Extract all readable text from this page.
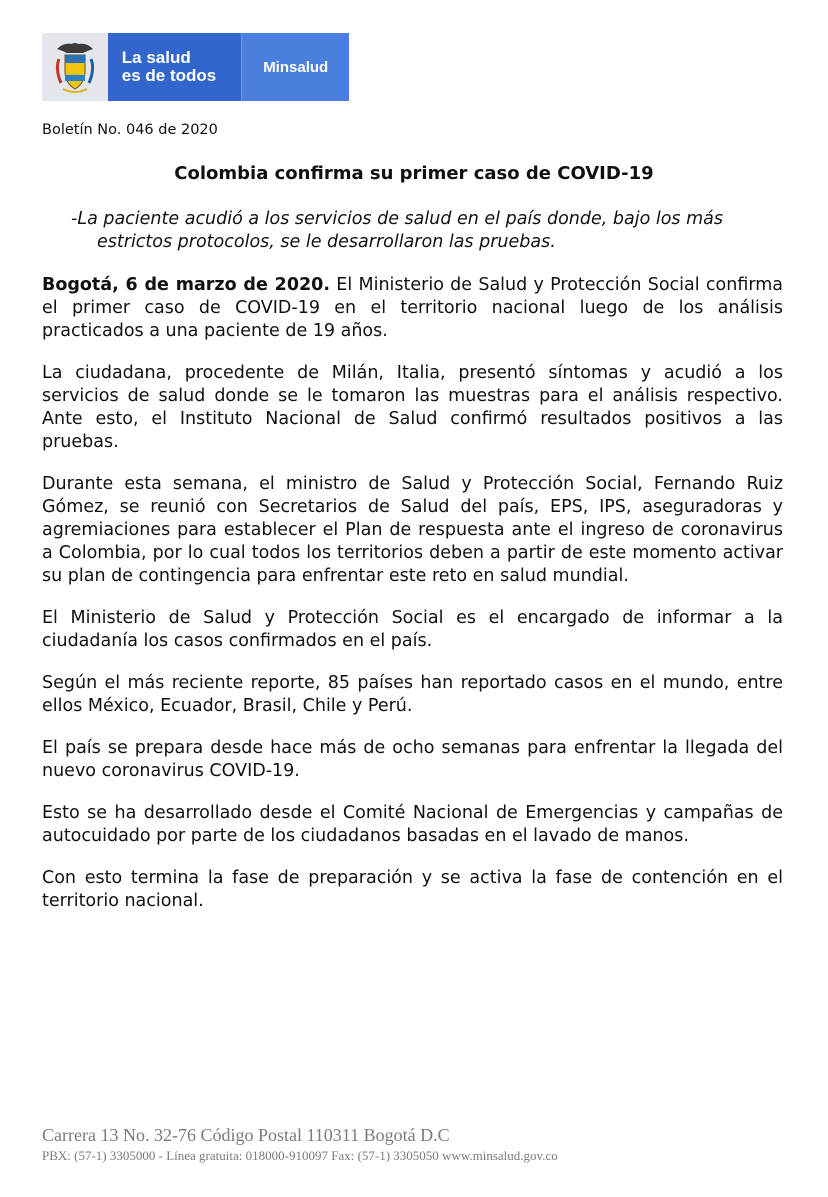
La salud
es de todos	Minsalud
Boletín No. 046 de 2020
Colombia confirma su primer caso de COVID-19
-La paciente acudió a los servicios de salud en el país donde, bajo los más
estrictos protocolos, se le desarrollaron las pruebas.

Bogotá, 6 de marzo de 2020. El Ministerio de Salud y Protección Social confirma el primer caso de COVID-19 en el territorio nacional luego de los análisis practicados a una paciente de 19 años.

La ciudadana, procedente de Milán, Italia, presentó síntomas y acudió a los servicios de salud donde se le tomaron las muestras para el análisis respectivo. Ante esto, el Instituto Nacional de Salud confirmó resultados positivos a las pruebas.

Durante esta semana, el ministro de Salud y Protección Social, Fernando Ruiz Gómez, se reunió con Secretarios de Salud del país, EPS, IPS, aseguradoras y agremiaciones para establecer el Plan de respuesta ante el ingreso de coronavirus a Colombia, por lo cual todos los territorios deben a partir de este momento activar su plan de contingencia para enfrentar este reto en salud mundial.

El Ministerio de Salud y Protección Social es el encargado de informar a la ciudadanía los casos confirmados en el país.

Según el más reciente reporte, 85 países han reportado casos en el mundo, entre ellos México, Ecuador, Brasil, Chile y Perú.

El país se prepara desde hace más de ocho semanas para enfrentar la llegada del nuevo coronavirus COVID-19.

Esto se ha desarrollado desde el Comité Nacional de Emergencias y campañas de autocuidado por parte de los ciudadanos basadas en el lavado de manos.

Con esto termina la fase de preparación y se activa la fase de contención en el territorio nacional.

Carrera 13 No. 32-76 Código Postal 110311 Bogotá D.C
PBX: (57-1) 3305000 - Línea gratuita: 018000-910097 Fax: (57-1) 3305050 www.minsalud.gov.co
